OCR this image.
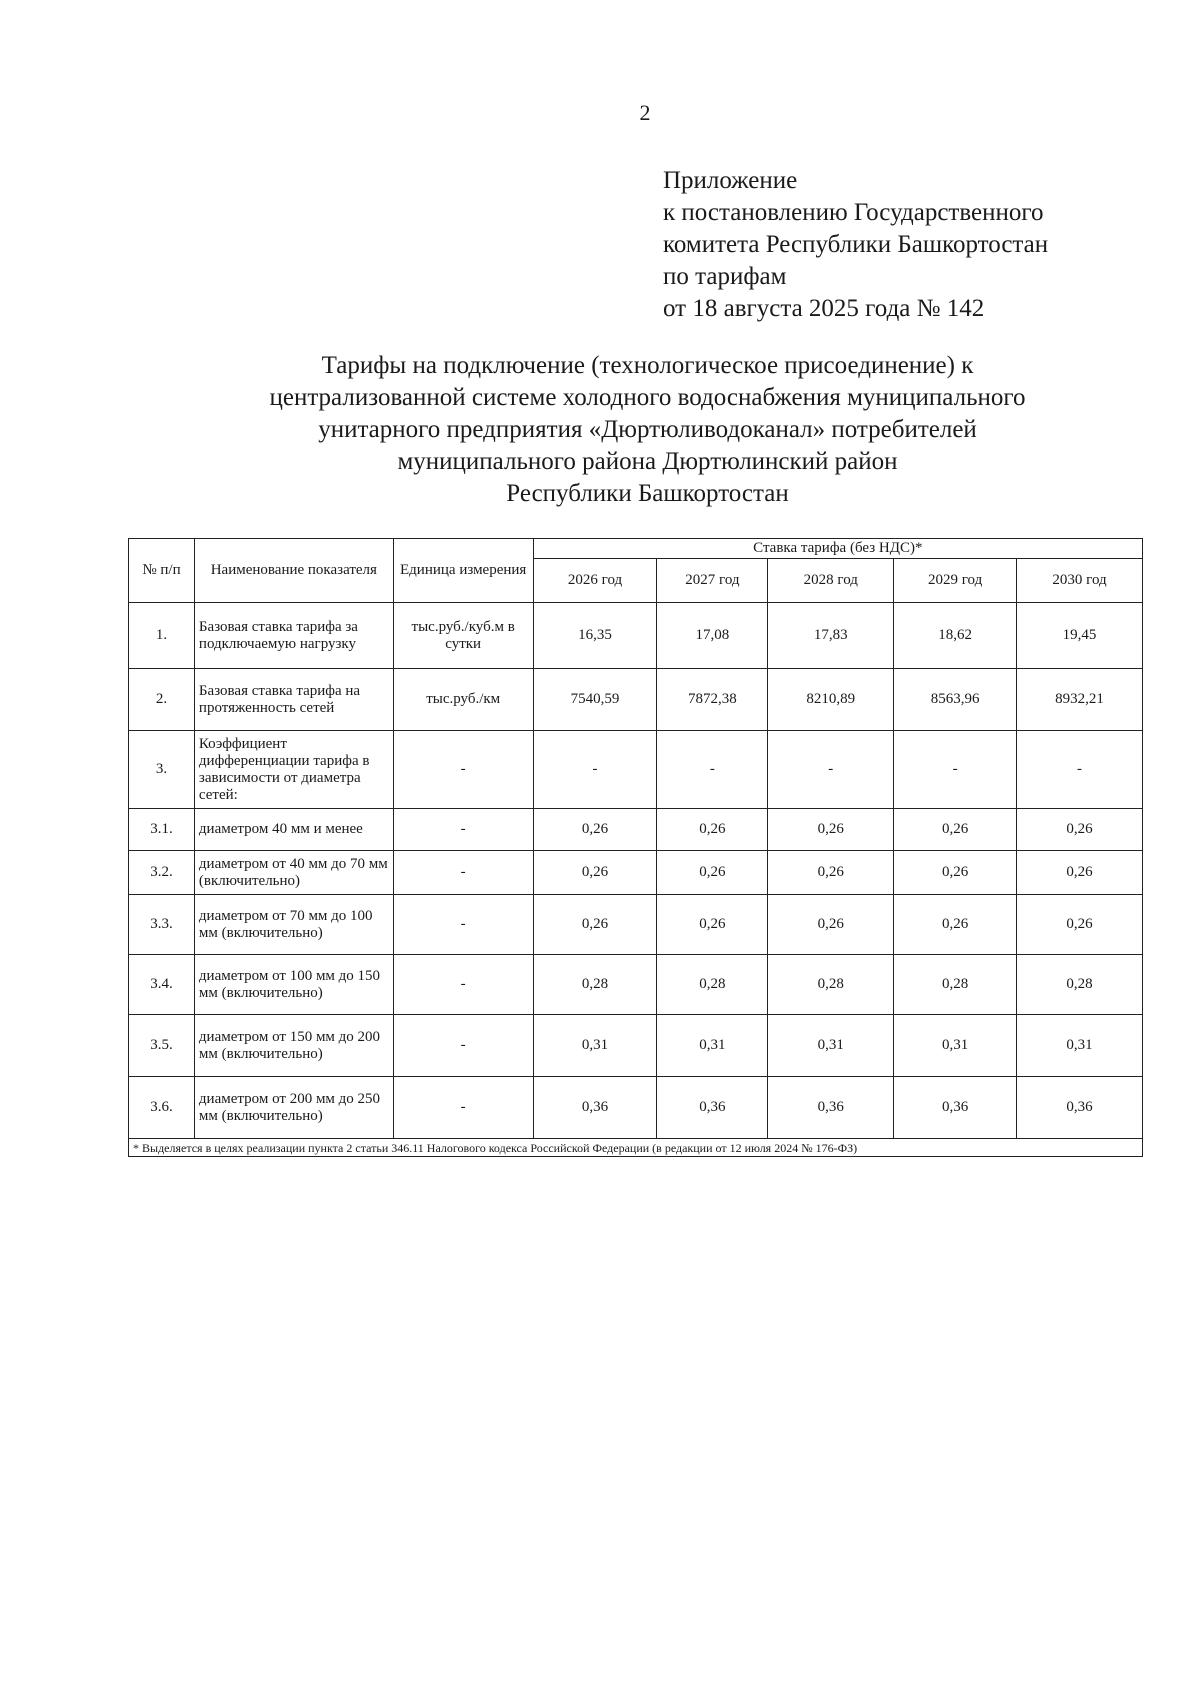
2
Приложение
к постановлению Государственного
комитета Республики Башкортостан
по тарифам
от 18 августа 2025 года № 142
Тарифы на подключение (технологическое присоединение) к
централизованной системе холодного водоснабжения муниципального
унитарного предприятия «Дюртюливодоканал» потребителей
муниципального района Дюртюлинский район
Республики Башкортостан
№ п/п	Наименование показателя	Единица измерения	Ставка тарифа (без НДС)*				
			2026 год	2027 год	2028 год	2029 год	2030 год
1.	Базовая ставка тарифа за подключаемую нагрузку	тыс.руб./куб.м в сутки	16,35	17,08	17,83	18,62	19,45
2.	Базовая ставка тарифа на протяженность сетей	тыс.руб./км	7540,59	7872,38	8210,89	8563,96	8932,21
3.	Коэффициент дифференциации тарифа в зависимости от диаметра сетей:	-	-	-	-	-	-
3.1.	диаметром 40 мм и менее	-	0,26	0,26	0,26	0,26	0,26
3.2.	диаметром от 40 мм до 70 мм (включительно)	-	0,26	0,26	0,26	0,26	0,26
3.3.	диаметром от 70 мм до 100 мм (включительно)	-	0,26	0,26	0,26	0,26	0,26
3.4.	диаметром от 100 мм до 150 мм (включительно)	-	0,28	0,28	0,28	0,28	0,28
3.5.	диаметром от 150 мм до 200 мм (включительно)	-	0,31	0,31	0,31	0,31	0,31
3.6.	диаметром от 200 мм до 250 мм (включительно)	-	0,36	0,36	0,36	0,36	0,36
* Выделяется в целях реализации пункта 2 статьи 346.11 Налогового кодекса Российской Федерации (в редакции от 12 июля 2024 № 176-ФЗ)							
